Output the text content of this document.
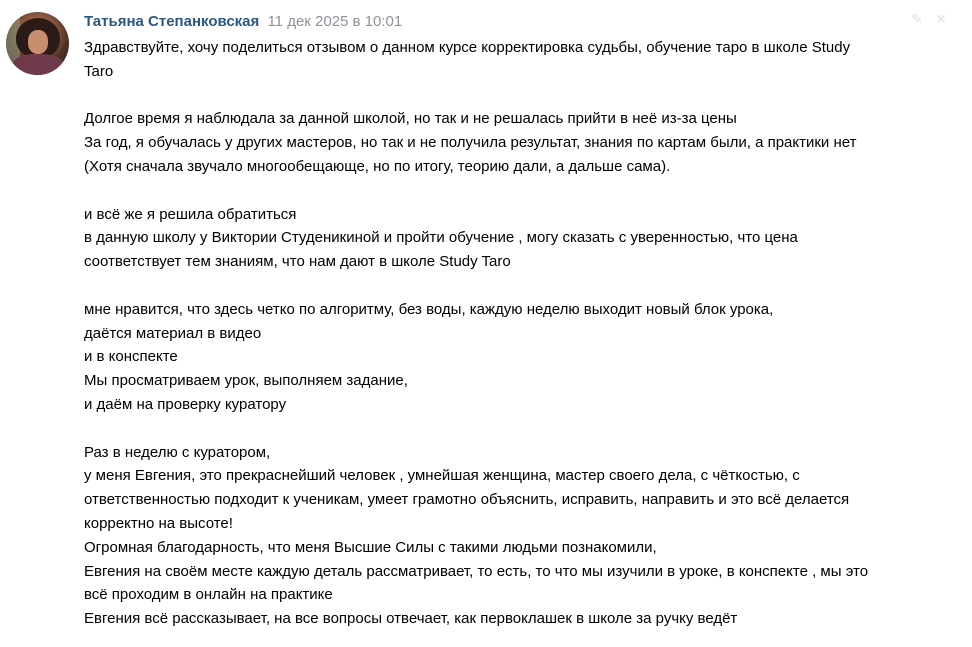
Татьяна Степанковская 11 дек 2025 в 10:01	✎ ✕
Здравствуйте, хочу поделиться отзывом о данном курсе корректировка судьбы, обучение таро в школе Study
Taro
Долгое время я наблюдала за данной школой, но так и не решалась прийти в неё из-за цены
За год, я обучалась у других мастеров, но так и не получила результат, знания по картам были, а практики нет
(Хотя сначала звучало многообещающе, но по итогу, теорию дали, а дальше сама).
и всё же я решила обратиться
в данную школу у Виктории Студеникиной и пройти обучение , могу сказать с уверенностью, что цена
соответствует тем знаниям, что нам дают в школе Study Taro
мне нравится, что здесь четко по алгоритму, без воды, каждую неделю выходит новый блок урока,
даётся материал в видео
и в конспекте
Мы просматриваем урок, выполняем задание,
и даём на проверку куратору
Раз в неделю с куратором,
у меня Евгения, это прекраснейший человек , умнейшая женщина, мастер своего дела, с чёткостью, с
ответственностью подходит к ученикам, умеет грамотно объяснить, исправить, направить и это всё делается
корректно на высоте!
Огромная благодарность, что меня Высшие Силы с такими людьми познакомили,
Евгения на своём месте каждую деталь рассматривает, то есть, то что мы изучили в уроке, в конспекте , мы это
всё проходим в онлайн на практике
Евгения всё рассказывает, на все вопросы отвечает, как первоклашек в школе за ручку ведёт
